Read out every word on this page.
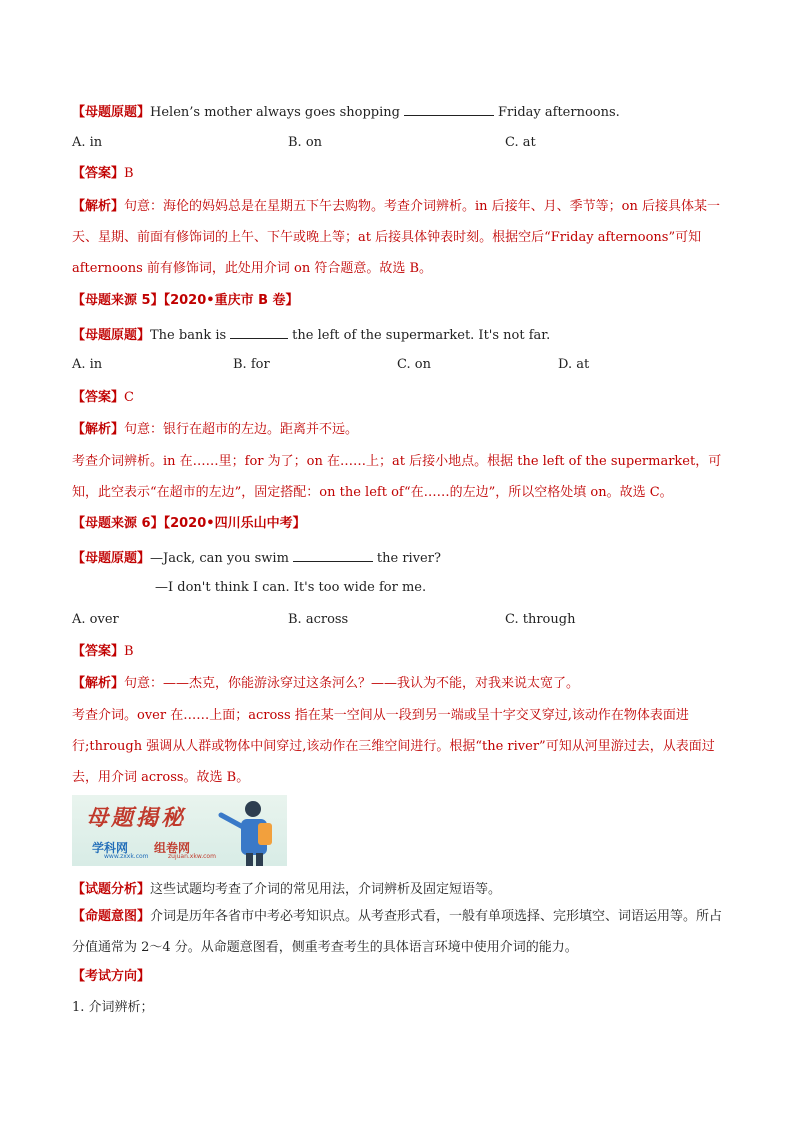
【母题原题】Helen’s mother always goes shopping	Friday afternoons.
A. in	B. on	C. at
【答案】B
【解析】句意：海伦的妈妈总是在星期五下午去购物。考查介词辨析。in 后接年、月、季节等；on 后接具体某一天、星期、前面有修饰词的上午、下午或晚上等；at 后接具体钟表时刻。根据空后“Friday afternoons”可知 afternoons 前有修饰词，此处用介词 on 符合题意。故选 B。
【母题来源 5】【2020•重庆市 B 卷】
【母题原题】The bank is	the left of the supermarket. It's not far.
A. in	B. for	C. on	D. at
【答案】C
【解析】句意：银行在超市的左边。距离并不远。
考查介词辨析。in 在……里；for 为了；on 在……上；at 后接小地点。根据 the left of the supermarket，可知，此空表示“在超市的左边”，固定搭配：on the left of“在……的左边”，所以空格处填 on。故选 C。
【母题来源 6】【2020•四川乐山中考】
【母题原题】—Jack, can you swim	the river?
—I don't think I can. It's too wide for me.
A. over	B. across	C. through
【答案】B
【解析】句意：——杰克，你能游泳穿过这条河么？——我认为不能，对我来说太宽了。
考查介词。over 在……上面；across 指在某一空间从一段到另一端或呈十字交叉穿过,该动作在物体表面进行;through 强调从人群或物体中间穿过,该动作在三维空间进行。根据“the river”可知从河里游过去，从表面过去，用介词 across。故选 B。
母题揭秘
学科网 组卷网
www.zxxk.com	zujuan.xkw.com
【试题分析】这些试题均考查了介词的常见用法，介词辨析及固定短语等。
【命题意图】介词是历年各省市中考必考知识点。从考查形式看，一般有单项选择、完形填空、词语运用等。所占分值通常为 2～4 分。从命题意图看，侧重考查考生的具体语言环境中使用介词的能力。
【考试方向】
1. 介词辨析；
